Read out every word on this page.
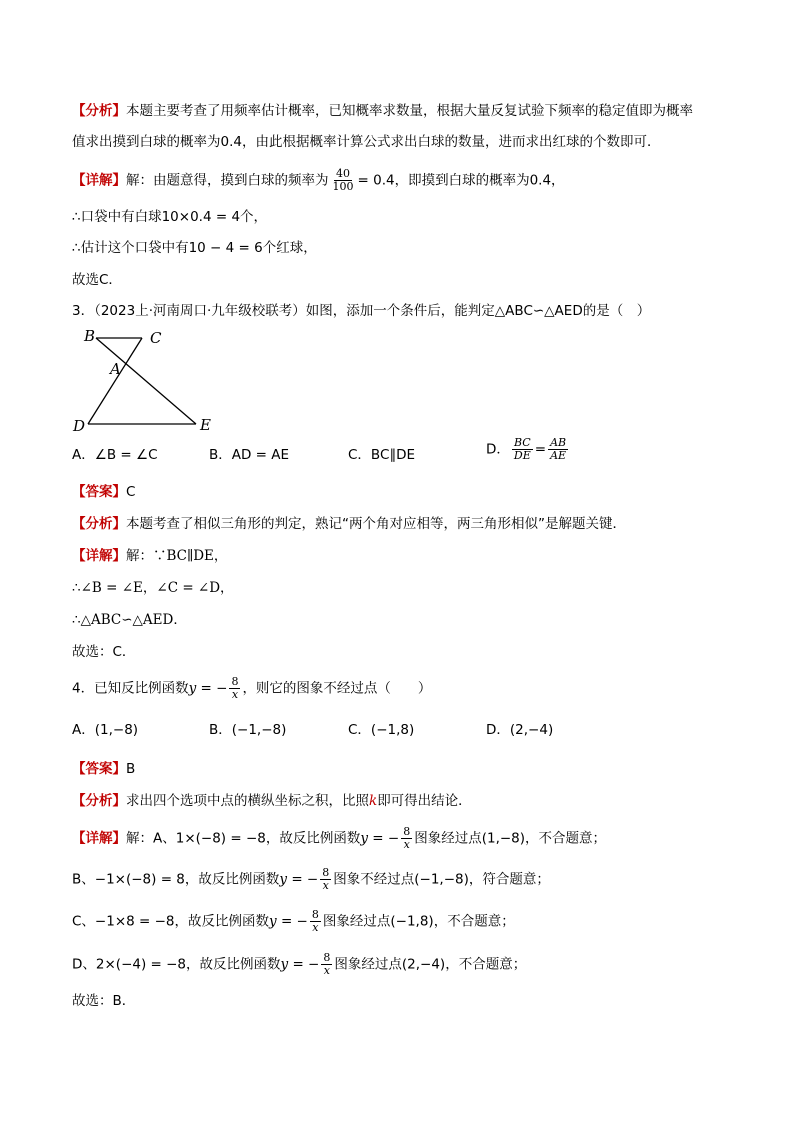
【分析】本题主要考查了用频率估计概率，已知概率求数量，根据大量反复试验下频率的稳定值即为概率
值求出摸到白球的概率为0.4，由此根据概率计算公式求出白球的数量，进而求出红球的个数即可．
【详解】解：由题意得，摸到白球的频率为 $\frac{40}{100} = 0.4$，即摸到白球的概率为0.4，
∴口袋中有白球10×0.4 = 4个，
∴估计这个口袋中有10 − 4 = 6个红球，
故选C．
3．（2023上·河南周口·九年级校联考）如图，添加一个条件后，能判定△ABC∽△AED的是（　）
B	C
A
D	E
A．∠B = ∠C	B．AD = AE	C．BC∥DE	D． $\frac{BC}{DE} = \frac{AB}{AE}$
【答案】C
【分析】本题考查了相似三角形的判定，熟记“两个角对应相等，两三角形相似”是解题关键．
【详解】解：∵BC∥DE，
∴∠B = ∠E，∠C = ∠D，
∴△ABC∽△AED．
故选：C．
4．已知反比例函数y = − $\frac{8}{x}$ ，则它的图象不经过点（　　）
A．(1,−8)	B．(−1,−8)	C．(−1,8)	D．(2,−4)
【答案】B
【分析】求出四个选项中点的横纵坐标之积，比照k即可得出结论．
【详解】解：A、1×(−8) = −8，故反比例函数y = − $\frac{8}{x}$ 图象经过点(1,−8)，不合题意；
B、−1×(−8) = 8，故反比例函数y = − $\frac{8}{x}$ 图象不经过点(−1,−8)，符合题意；
C、−1×8 = −8，故反比例函数y = − $\frac{8}{x}$ 图象经过点(−1,8)，不合题意；
D、2×(−4) = −8，故反比例函数y = − $\frac{8}{x}$ 图象经过点(2,−4)，不合题意；
故选：B．
